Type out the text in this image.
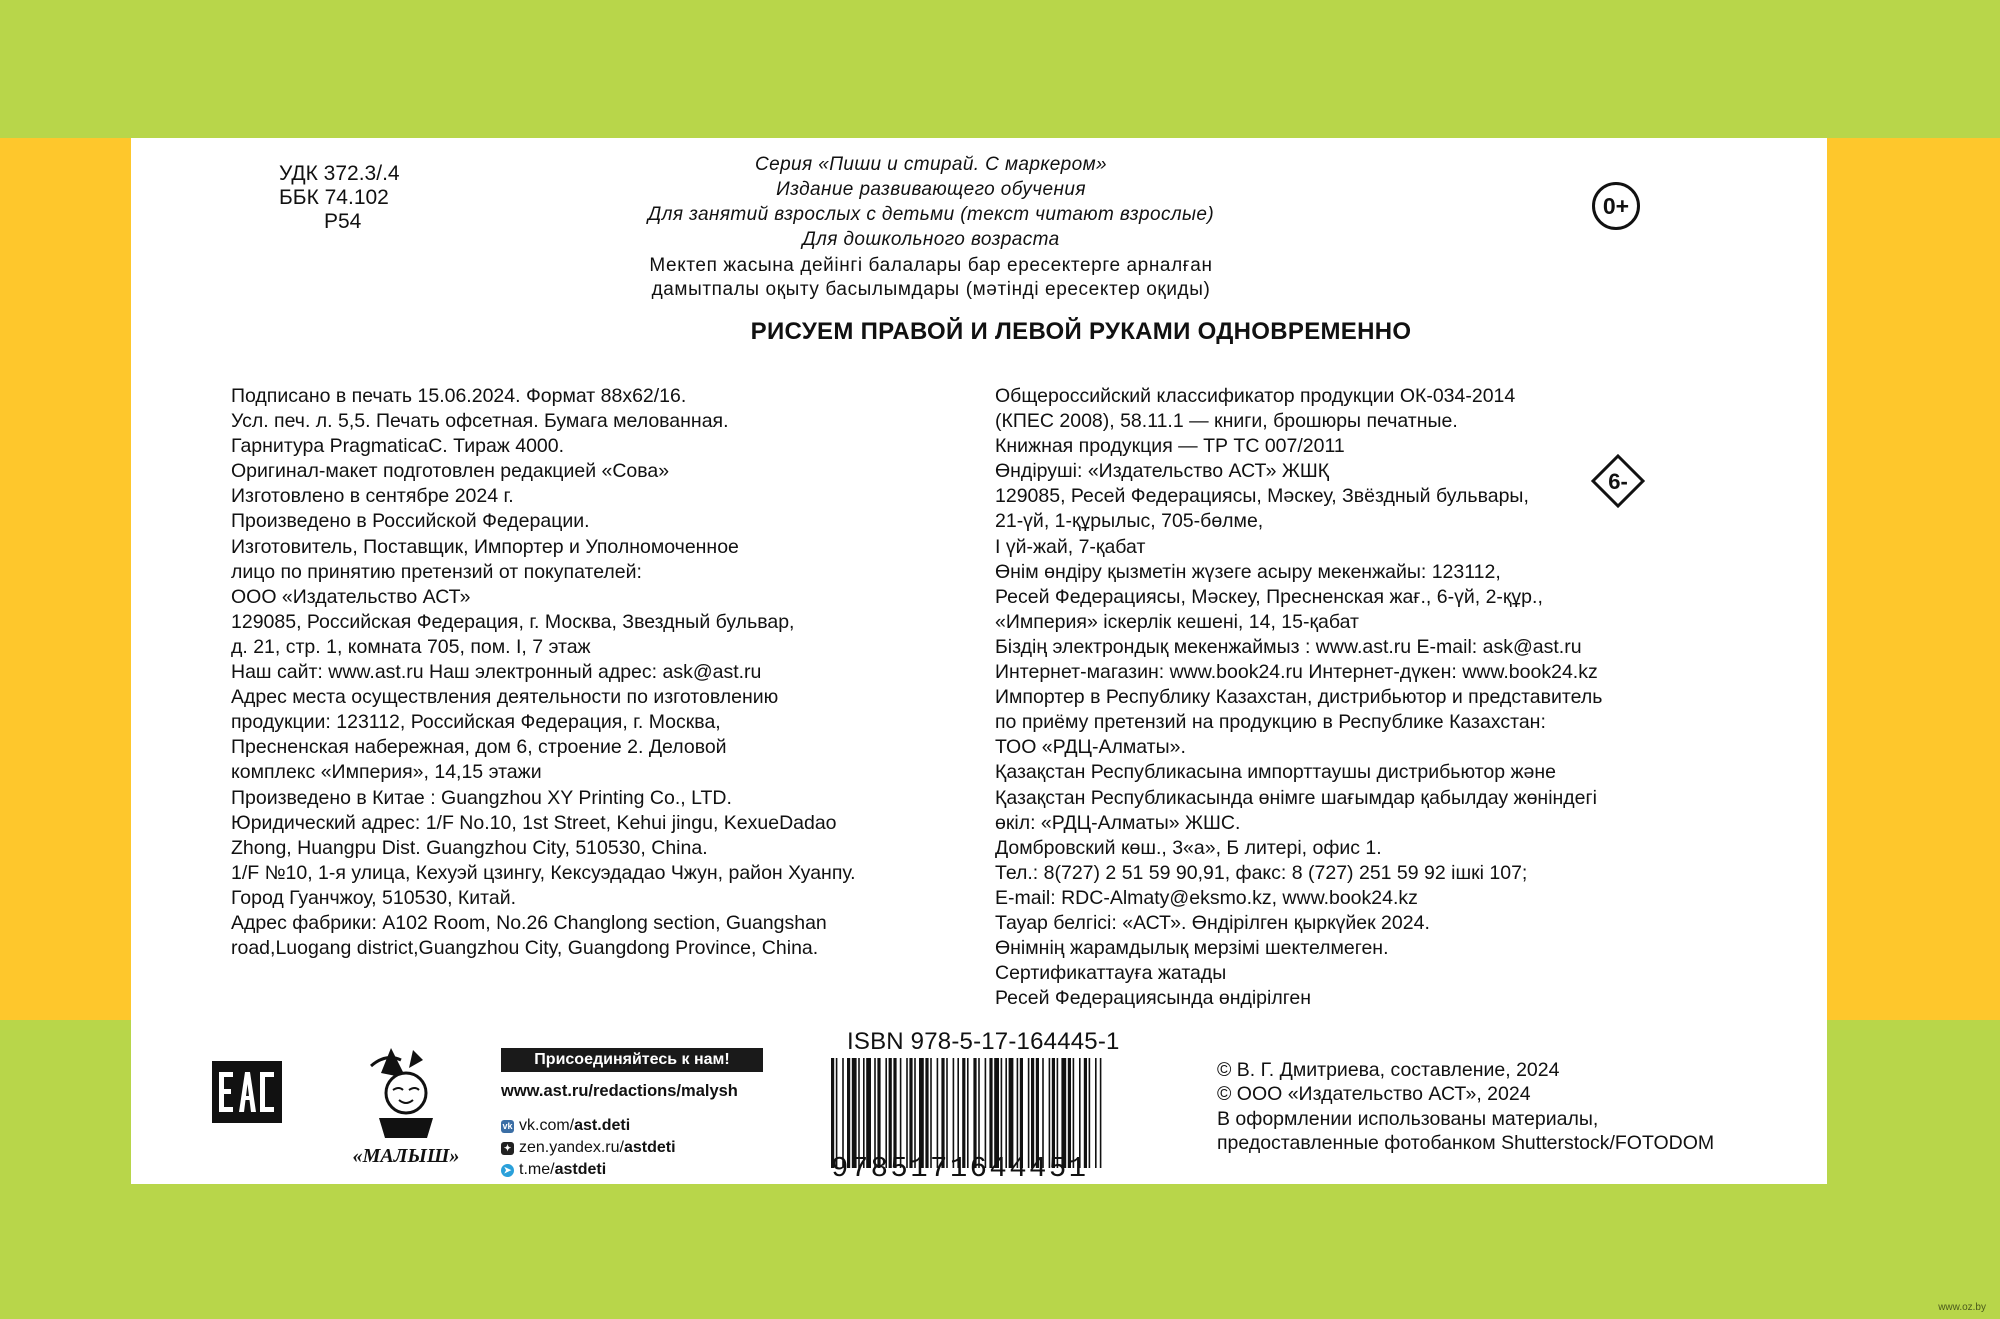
УДК 372.3/.4
ББК 74.102
Р54
Серия «Пиши и стирай. С маркером»
Издание развивающего обучения
Для занятий взрослых с детьми (текст читают взрослые)
Для дошкольного возраста
Мектеп жасына дейінгі балалары бар ересектерге арналған
дамытпалы оқыту басылымдары (мәтінді ересектер оқиды)
0+
РИСУЕМ ПРАВОЙ И ЛЕВОЙ РУКАМИ ОДНОВРЕМЕННО
Подписано в печать 15.06.2024. Формат 88х62/16.
Усл. печ. л. 5,5. Печать офсетная. Бумага мелованная.
Гарнитура PragmaticaC. Тираж 4000.
Оригинал-макет подготовлен редакцией «Сова»
Изготовлено в сентябре 2024 г.
Произведено в Российской Федерации.
Изготовитель, Поставщик, Импортер и Уполномоченное
лицо по принятию претензий от покупателей:
ООО «Издательство АСТ»
129085, Российская Федерация, г. Москва, Звездный бульвар,
д. 21, стр. 1, комната 705, пом. I, 7 этаж
Наш сайт: www.ast.ru Наш электронный адрес: ask@ast.ru
Адрес места осуществления деятельности по изготовлению
продукции: 123112, Российская Федерация, г. Москва,
Пресненская набережная, дом 6, строение 2. Деловой
комплекс «Империя», 14,15 этажи
Произведено в Китае : Guangzhou XY Printing Co., LTD.
Юридический адрес: 1/F No.10, 1st Street, Kehui jingu, KexueDadao
Zhong, Huangpu Dist. Guangzhou City, 510530, China.
1/F №10, 1-я улица, Кехуэй цзингу, Кексуэдадао Чжун, район Хуанпу.
Город Гуанчжоу, 510530, Китай.
Адрес фабрики: A102 Room, No.26 Changlong section, Guangshan
road,Luogang district,Guangzhou City, Guangdong Province, China.
Общероссийский классификатор продукции ОК-034-2014
(КПЕС 2008), 58.11.1 — книги, брошюры печатные.
Книжная продукция — ТР ТС 007/2011
Өндіруші: «Издательство АСТ» ЖШҚ
129085, Ресей Федерациясы, Мәскеу, Звёздный бульвары,
21-үй, 1-құрылыс, 705-бөлме,
I үй-жай, 7-қабат
Өнім өндіру қызметін жүзеге асыру мекенжайы: 123112,
Ресей Федерациясы, Мәскеу, Пресненская жағ., 6-үй, 2-құр.,
«Империя» іскерлік кешені, 14, 15-қабат
Біздің электрондық мекенжаймыз : www.ast.ru E-mail: ask@ast.ru
Интернет-магазин: www.book24.ru Интернет-дүкен: www.book24.kz
Импортер в Республику Казахстан, дистрибьютор и представитель
по приёму претензий на продукцию в Республике Казахстан:
ТОО «РДЦ-Алматы».
Қазақстан Республикасына импорттаушы дистрибьютор және
Қазақстан Республикасында өнімге шағымдар қабылдау жөніндегі
өкіл: «РДЦ-Алматы» ЖШС.
Домбровский көш., 3«а», Б литері, офис 1.
Тел.: 8(727) 2 51 59 90,91, факс: 8 (727) 251 59 92 ішкі 107;
E-mail: RDC-Almaty@eksmo.kz, www.book24.kz
Тауар белгісі: «АСТ». Өндірілген қыркүйек 2024.
Өнімнің жарамдылық мерзімі шектелмеген.
Сертификаттауға жатады
Ресей Федерациясында өндірілген
6-
«МАЛЫШ»
Присоединяйтесь к нам!
www.ast.ru/redactions/malysh
vk vk.com/ ast.deti
✦ zen.yandex.ru/ astdeti
➤ t.me/ astdeti
ISBN 978-5-17-164445-1
9785171644451
© В. Г. Дмитриева, составление, 2024
© ООО «Издательство АСТ», 2024
В оформлении использованы материалы,
предоставленные фотобанком Shutterstock/FOTODOM
www.oz.by
